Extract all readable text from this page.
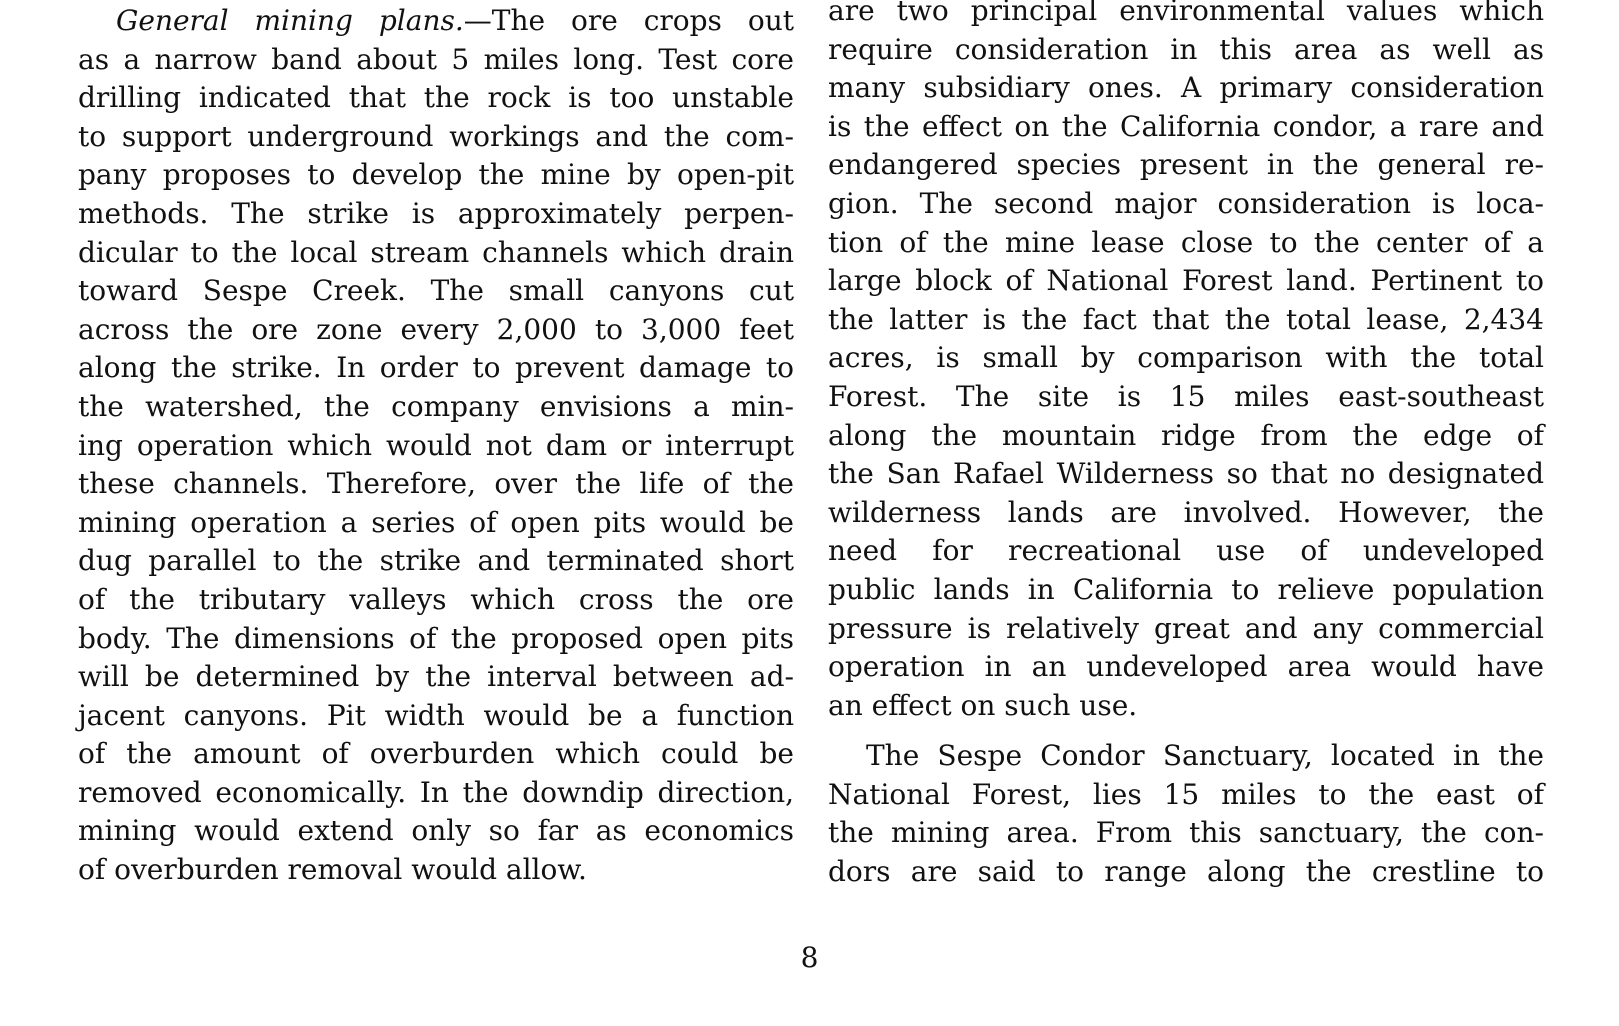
General mining plans.—The ore crops out
as a narrow band about 5 miles long. Test core
drilling indicated that the rock is too unstable
to support underground workings and the com-
pany proposes to develop the mine by open-pit
methods. The strike is approximately perpen-
dicular to the local stream channels which drain
toward Sespe Creek. The small canyons cut
across the ore zone every 2,000 to 3,000 feet
along the strike. In order to prevent damage to
the watershed, the company envisions a min-
ing operation which would not dam or interrupt
these channels. Therefore, over the life of the
mining operation a series of open pits would be
dug parallel to the strike and terminated short
of the tributary valleys which cross the ore
body. The dimensions of the proposed open pits
will be determined by the interval between ad-
jacent canyons. Pit width would be a function
of the amount of overburden which could be
removed economically. In the downdip direction,
mining would extend only so far as economics
of overburden removal would allow.
are two principal environmental values which
require consideration in this area as well as
many subsidiary ones. A primary consideration
is the effect on the California condor, a rare and
endangered species present in the general re-
gion. The second major consideration is loca-
tion of the mine lease close to the center of a
large block of National Forest land. Pertinent to
the latter is the fact that the total lease, 2,434
acres, is small by comparison with the total
Forest. The site is 15 miles east-southeast
along the mountain ridge from the edge of
the San Rafael Wilderness so that no designated
wilderness lands are involved. However, the
need for recreational use of undeveloped
public lands in California to relieve population
pressure is relatively great and any commercial
operation in an undeveloped area would have
an effect on such use.
The Sespe Condor Sanctuary, located in the
National Forest, lies 15 miles to the east of
the mining area. From this sanctuary, the con-
dors are said to range along the crestline to
8
